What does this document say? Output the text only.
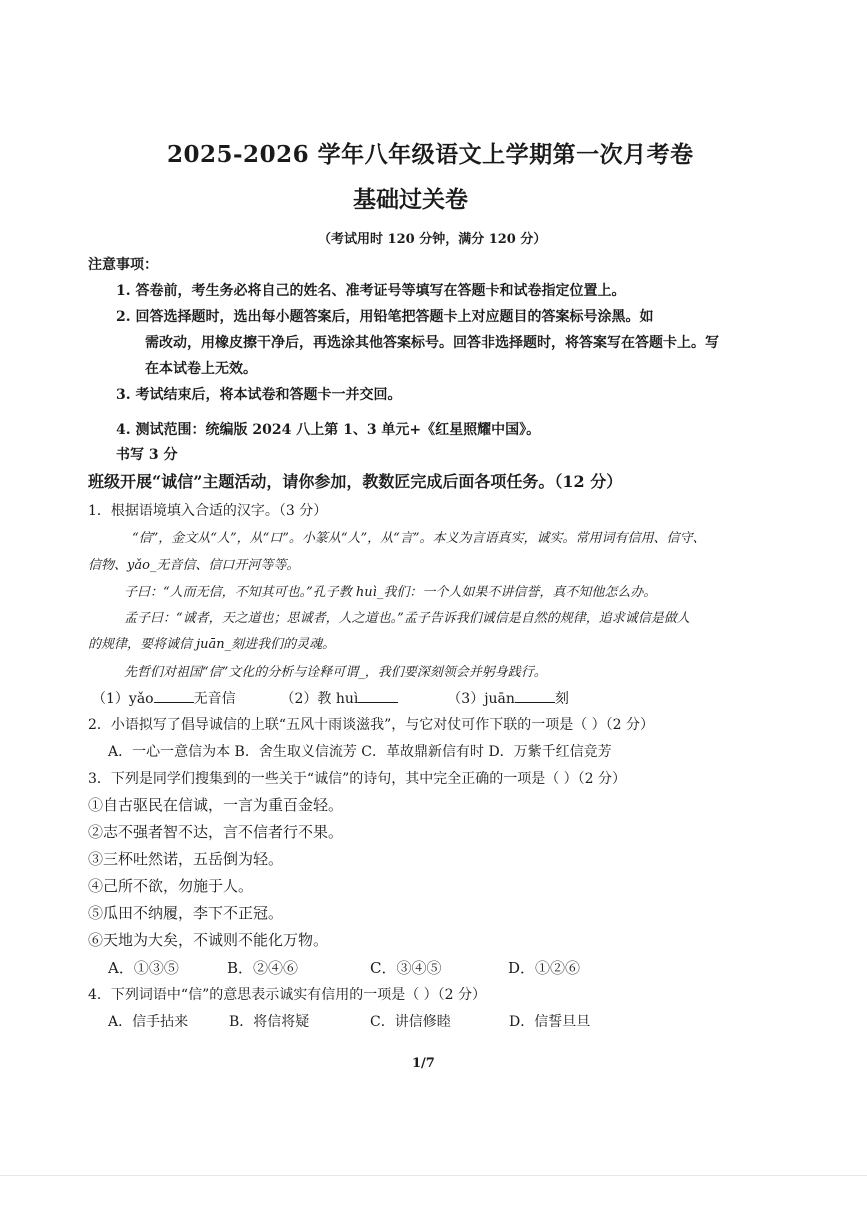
2025-2026 学年八年级语文上学期第一次月考卷
基础过关卷
（考试用时 120 分钟，满分 120 分）
注意事项：
1. 答卷前，考生务必将自己的姓名、准考证号等填写在答题卡和试卷指定位置上。
2. 回答选择题时，选出每小题答案后，用铅笔把答题卡上对应题目的答案标号涂黑。如
需改动，用橡皮擦干净后，再选涂其他答案标号。回答非选择题时，将答案写在答题卡上。写
在本试卷上无效。
3. 考试结束后，将本试卷和答题卡一并交回。
4. 测试范围：统编版 2024 八上第 1、3 单元+《红星照耀中国》。
书写 3 分
班级开展“诚信”主题活动，请你参加，教数匠完成后面各项任务。（12 分）
1．根据语境填入合适的汉字。（3 分）
“信”，金文从“人”，从“口”。小篆从“人”，从“言”。本义为言语真实，诚实。常用词有信用、信守、
信物、yǎo_无音信、信口开河等等。
子曰：“人而无信，不知其可也。”孔子教 huì_我们：一个人如果不讲信誉，真不知他怎么办。
孟子曰：“诚者，天之道也；思诚者，人之道也。”孟子告诉我们诚信是自然的规律，追求诚信是做人
的规律，要将诚信 juān_刻进我们的灵魂。
先哲们对祖国“信”文化的分析与诠释可谓_，我们要深刻领会并躬身践行。
（1）yǎo	无音信	（2）教 huì	（3）juān	刻
2．小语拟写了倡导诚信的上联“五风十雨谈滋我”，与它对仗可作下联的一项是（ ）（2 分）
A．一心一意信为本 B．舍生取义信流芳 C．革故鼎新信有时 D．万紫千红信竞芳
3．下列是同学们搜集到的一些关于“诚信”的诗句，其中完全正确的一项是（ ）（2 分）
①自古驱民在信诚，一言为重百金轻。
②志不强者智不达，言不信者行不果。
③三杯吐然诺，五岳倒为轻。
④己所不欲，勿施于人。
⑤瓜田不纳履，李下不正冠。
⑥天地为大矣，不诚则不能化万物。
A．①③⑤	B．②④⑥	C．③④⑤	D．①②⑥
4．下列词语中“信”的意思表示诚实有信用的一项是（ ）（2 分）
A．信手拈来	B．将信将疑	C．讲信修睦	D．信誓旦旦
1/7
